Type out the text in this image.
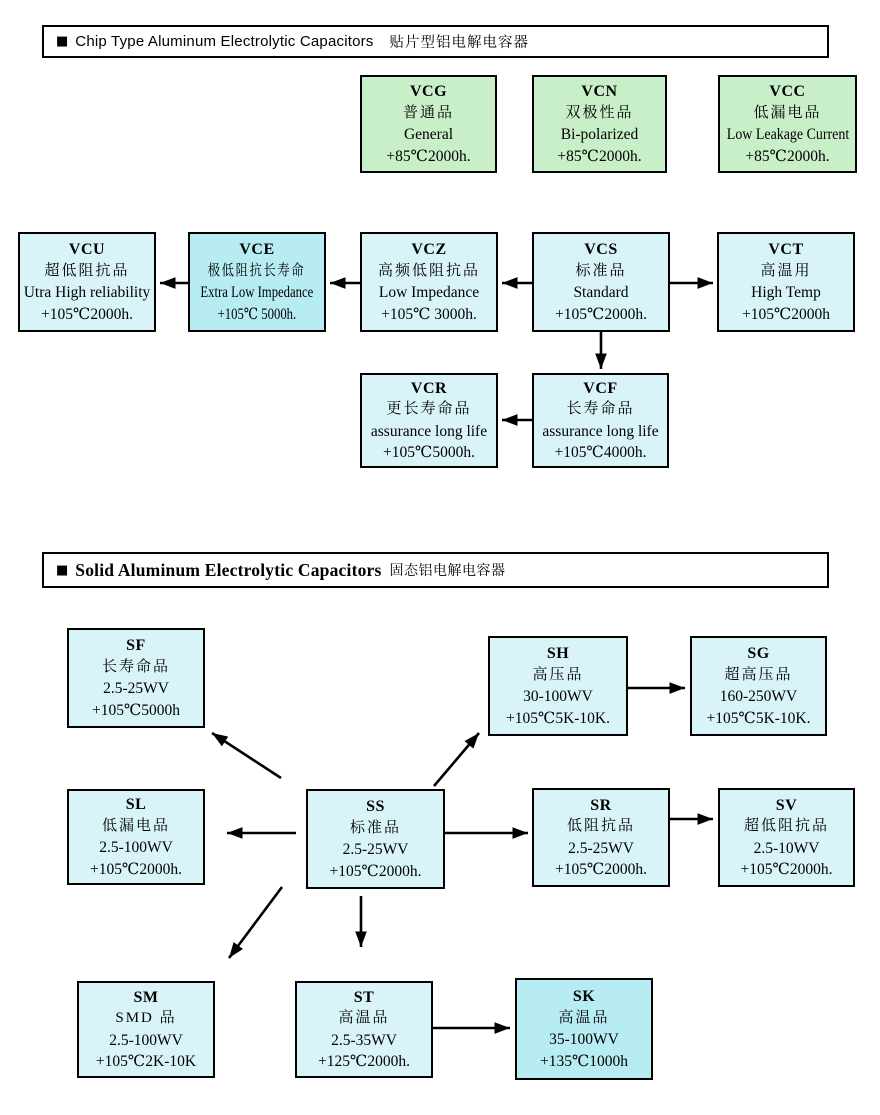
■ Chip Type Aluminum Electrolytic Capacitors 贴片型铝电解电容器
VCG
普通品
General
+85℃2000h.
VCN
双极性品
Bi-polarized
+85℃2000h.
VCC
低漏电品
Low Leakage Current
+85℃2000h.
VCU
超低阻抗品
Utra High reliability
+105℃2000h.
VCE
极低阻抗长寿命
Extra Low Impedance
+105℃ 5000h.
VCZ
高频低阻抗品
Low Impedance
+105℃ 3000h.
VCS
标准品
Standard
+105℃2000h.
VCT
高温用
High Temp
+105℃2000h
VCR
更长寿命品
assurance long life
+105℃5000h.
VCF
长寿命品
assurance long life
+105℃4000h.
■ Solid Aluminum Electrolytic Capacitors 固态铝电解电容器
SF
长寿命品
2.5-25WV
+105℃5000h
SH
高压品
30-100WV
+105℃5K-10K.
SG
超高压品
160-250WV
+105℃5K-10K.
SL
低漏电品
2.5-100WV
+105℃2000h.
SS
标准品
2.5-25WV
+105℃2000h.
SR
低阻抗品
2.5-25WV
+105℃2000h.
SV
超低阻抗品
2.5-10WV
+105℃2000h.
SM
SMD 品
2.5-100WV
+105℃2K-10K
ST
高温品
2.5-35WV
+125℃2000h.
SK
高温品
35-100WV
+135℃1000h
